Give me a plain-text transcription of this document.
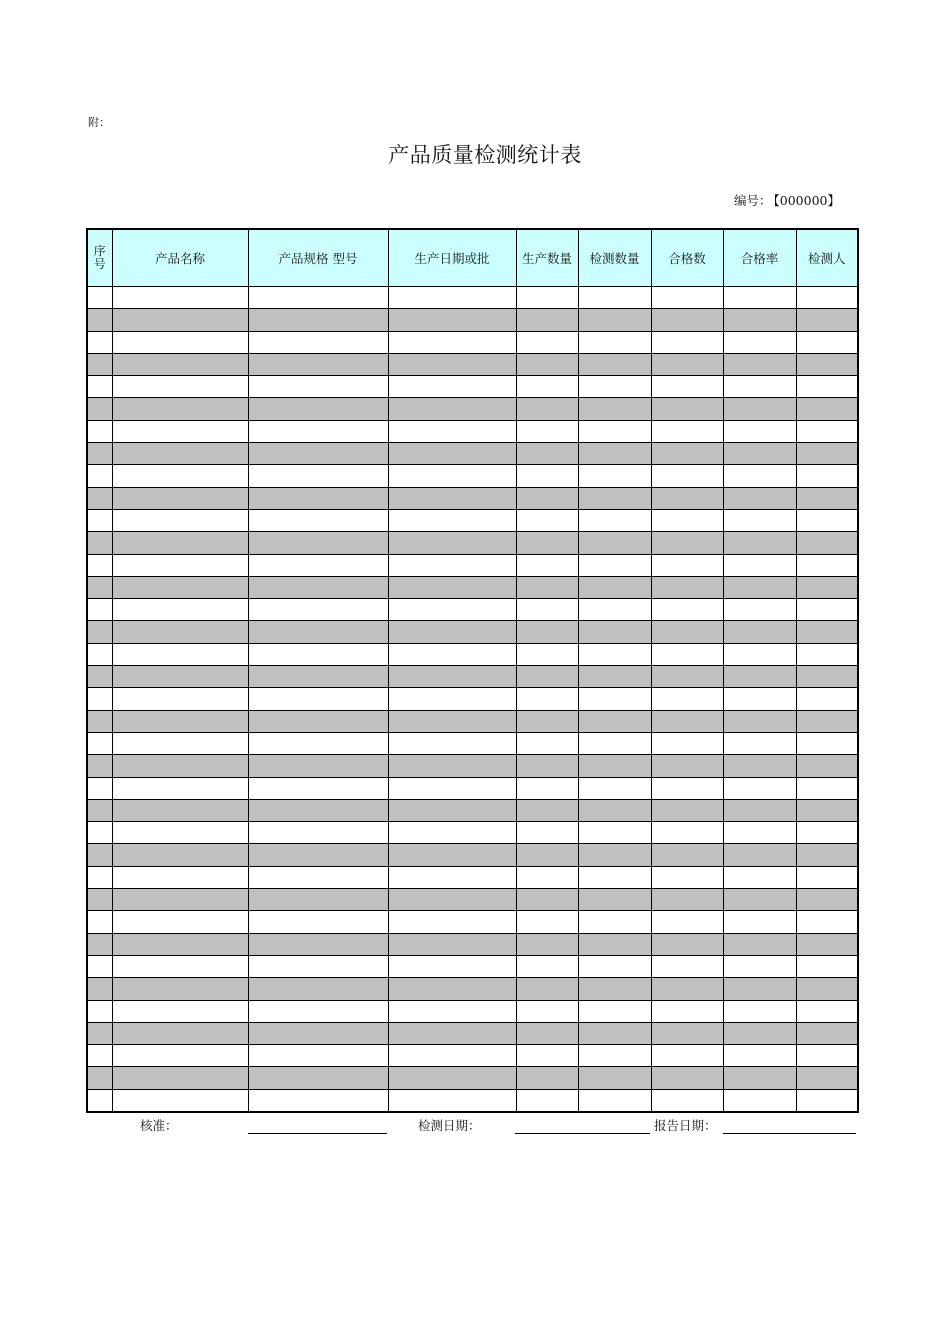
附：
产品质量检测统计表
编号： 【000000】
序号	产品名称	产品规格 型号	生产日期或批	生产数量	检测数量	合格数	合格率	检测人

核准：	检测日期：	报告日期：
